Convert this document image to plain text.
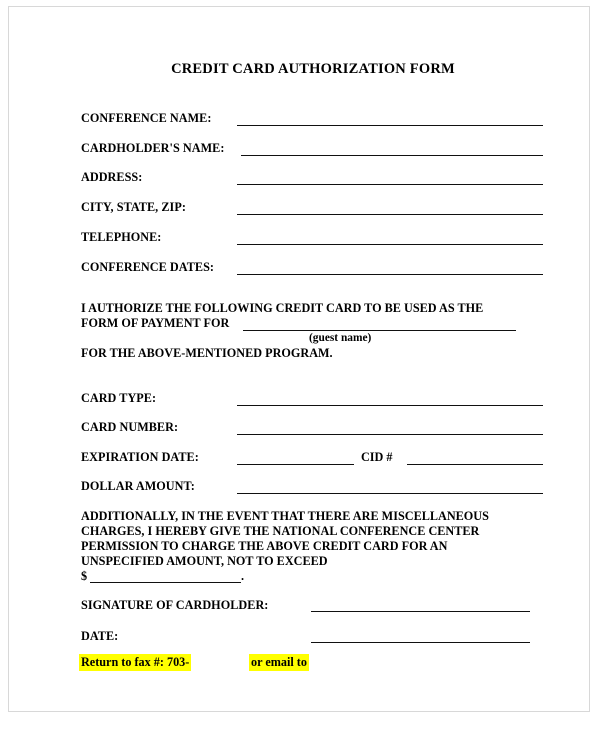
CREDIT CARD AUTHORIZATION FORM
CONFERENCE NAME:
CARDHOLDER'S NAME:
ADDRESS:
CITY, STATE, ZIP:
TELEPHONE:
CONFERENCE DATES:
I AUTHORIZE THE FOLLOWING CREDIT CARD TO BE USED AS THE
FORM OF PAYMENT FOR
(guest name)
FOR THE ABOVE-MENTIONED PROGRAM.
CARD TYPE:
CARD NUMBER:
EXPIRATION DATE:	CID #
DOLLAR AMOUNT:
ADDITIONALLY, IN THE EVENT THAT THERE ARE MISCELLANEOUS
CHARGES, I HEREBY GIVE THE NATIONAL CONFERENCE CENTER
PERMISSION TO CHARGE THE ABOVE CREDIT CARD FOR AN
UNSPECIFIED AMOUNT, NOT TO EXCEED
$	.
SIGNATURE OF CARDHOLDER:
DATE:
Return to fax #: 703-	or email to
